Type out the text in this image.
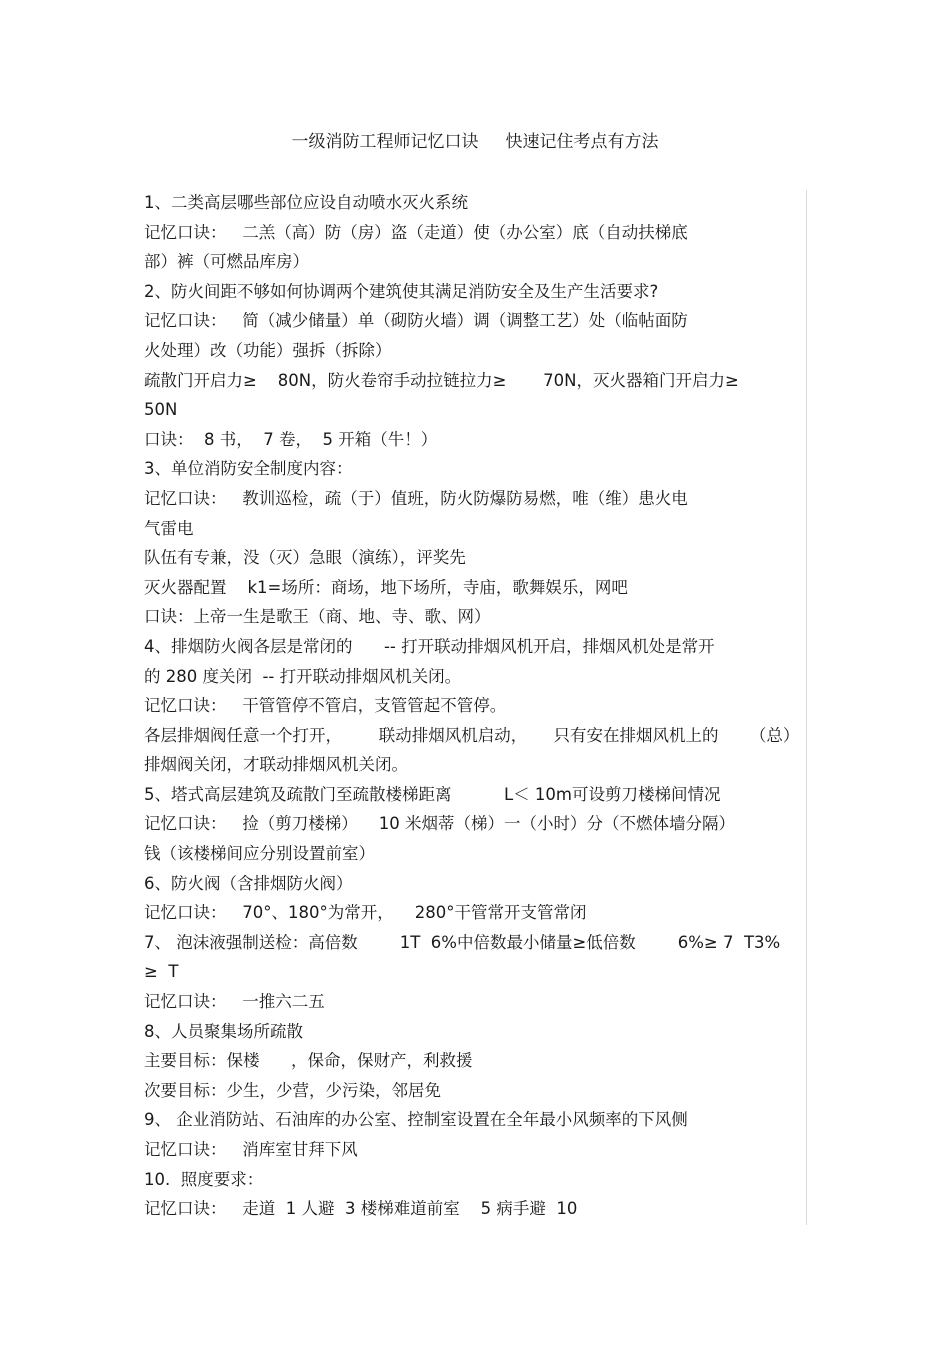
一级消防工程师记忆口诀     快速记住考点有方法
1、二类高层哪些部位应设自动喷水灭火系统
记忆口诀：   二羔（高）防（房）盗（走道）使（办公室）底（自动扶梯底
部）裤（可燃品库房）
2、防火间距不够如何协调两个建筑使其满足消防安全及生产生活要求?
记忆口诀：   简（减少储量）单（砌防火墙）调（调整工艺）处（临帖面防
火处理）改（功能）强拆（拆除）
疏散门开启力≥    80N，防火卷帘手动拉链拉力≥       70N，灭火器箱门开启力≥
50N
口诀：  8 书，  7 卷，  5 开箱（牛！）
3、单位消防安全制度内容：
记忆口诀：   教训巡检，疏（于）值班，防火防爆防易燃，唯（维）患火电
气雷电
队伍有专兼，没（灭）急眼（演练），评奖先
灭火器配置    k1=场所：商场，地下场所，寺庙，歌舞娱乐，网吧
口诀：上帝一生是歌王（商、地、寺、歌、网）
4、排烟防火阀各层是常闭的      -- 打开联动排烟风机开启，排烟风机处是常开
的 280 度关闭  -- 打开联动排烟风机关闭。
记忆口诀：   干管管停不管启，支管管起不管停。
各层排烟阀任意一个打开，       联动排烟风机启动，     只有安在排烟风机上的      （总）
排烟阀关闭，才联动排烟风机关闭。
5、塔式高层建筑及疏散门至疏散楼梯距离          L＜ 10m可设剪刀楼梯间情况
记忆口诀：   捡（剪刀楼梯）    10 米烟蒂（梯）一（小时）分（不燃体墙分隔）
钱（该楼梯间应分别设置前室）
6、防火阀（含排烟防火阀）
记忆口诀：   70°、180°为常开，    280°干管常开支管常闭
7、 泡沫液强制送检：高倍数        1T  6%中倍数最小储量≥低倍数        6%≥ 7  T3%
≥  T
记忆口诀：   一推六二五
8、人员聚集场所疏散
主要目标：保楼      ，保命，保财产，利救援
次要目标：少生，少营，少污染，邻居免
9、 企业消防站、石油库的办公室、控制室设置在全年最小风频率的下风侧
记忆口诀：   消库室甘拜下风
10.  照度要求：
记忆口诀：   走道  1 人避  3 楼梯难道前室    5 病手避  10
